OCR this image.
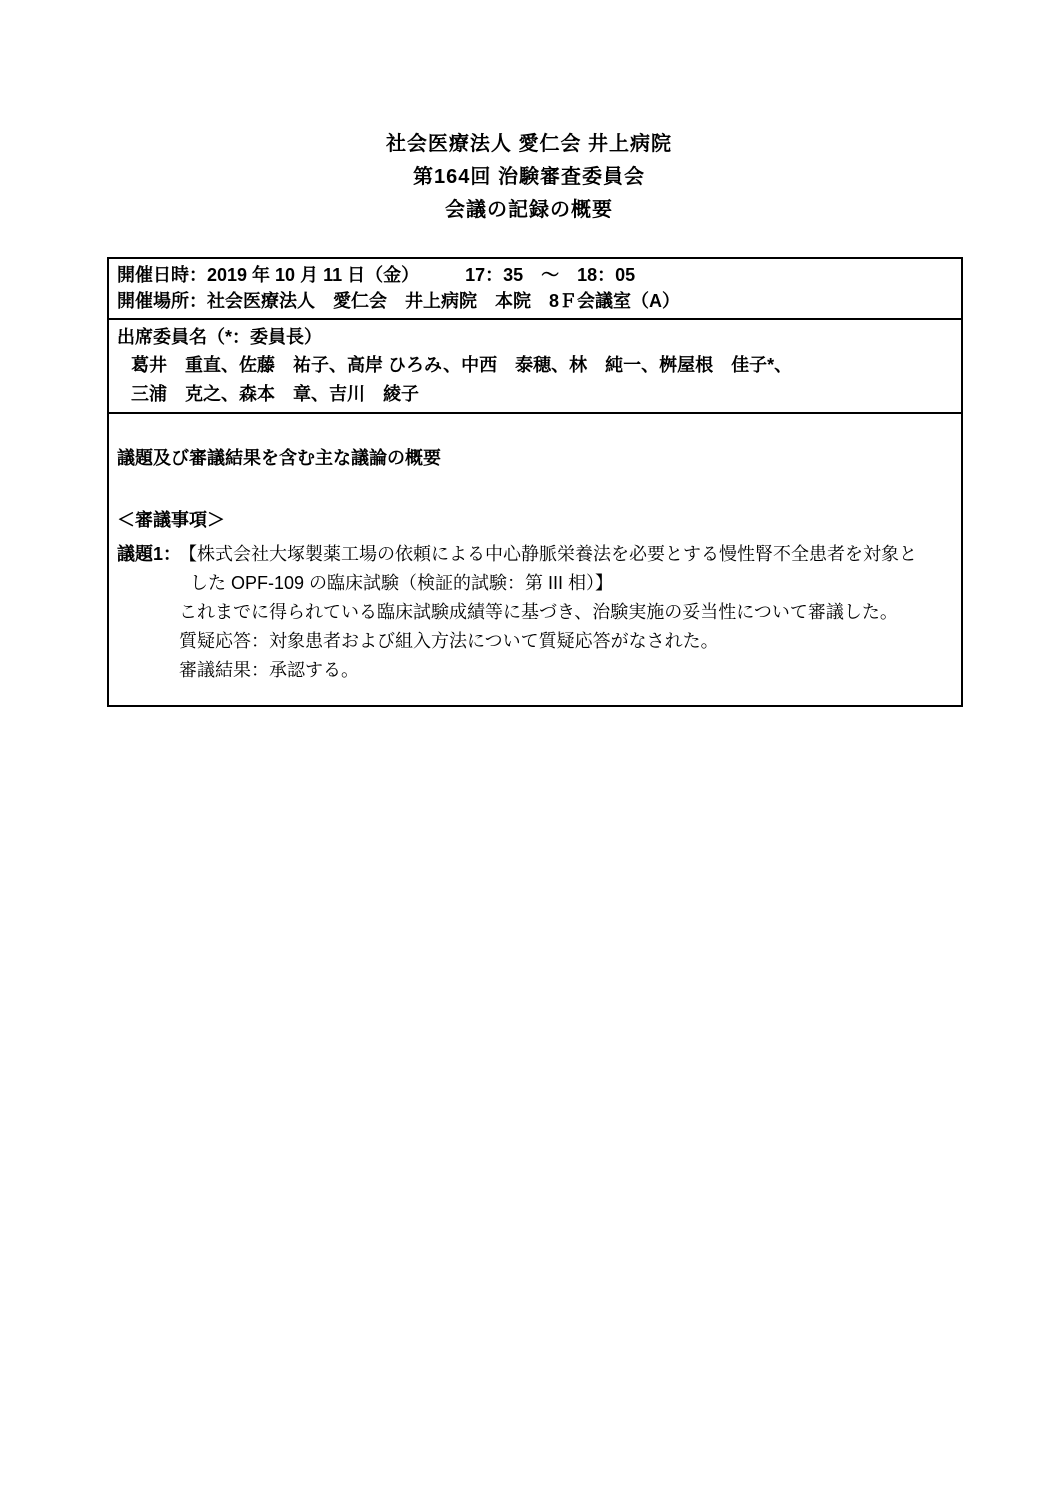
社会医療法人 愛仁会 井上病院
第164回 治験審査委員会
会議の記録の概要
開催日時：2019 年 10 月 11 日（金）	17：35　～　18：05
開催場所：社会医療法人　愛仁会　井上病院　本院　8Ｆ会議室（A）
出席委員名（*：委員長）
葛井　重直、佐藤　祐子、高岸 ひろみ、中西　泰穂、林　純一、桝屋根　佳子*、
三浦　克之、森本　章、吉川　綾子
議題及び審議結果を含む主な議論の概要
＜審議事項＞
議題1：
【株式会社大塚製薬工場の依頼による中心静脈栄養法を必要とする慢性腎不全患者を対象と
した OPF-109 の臨床試験（検証的試験：第 III 相）】
これまでに得られている臨床試験成績等に基づき、治験実施の妥当性について審議した。
質疑応答：対象患者および組入方法について質疑応答がなされた。
審議結果：承認する。
